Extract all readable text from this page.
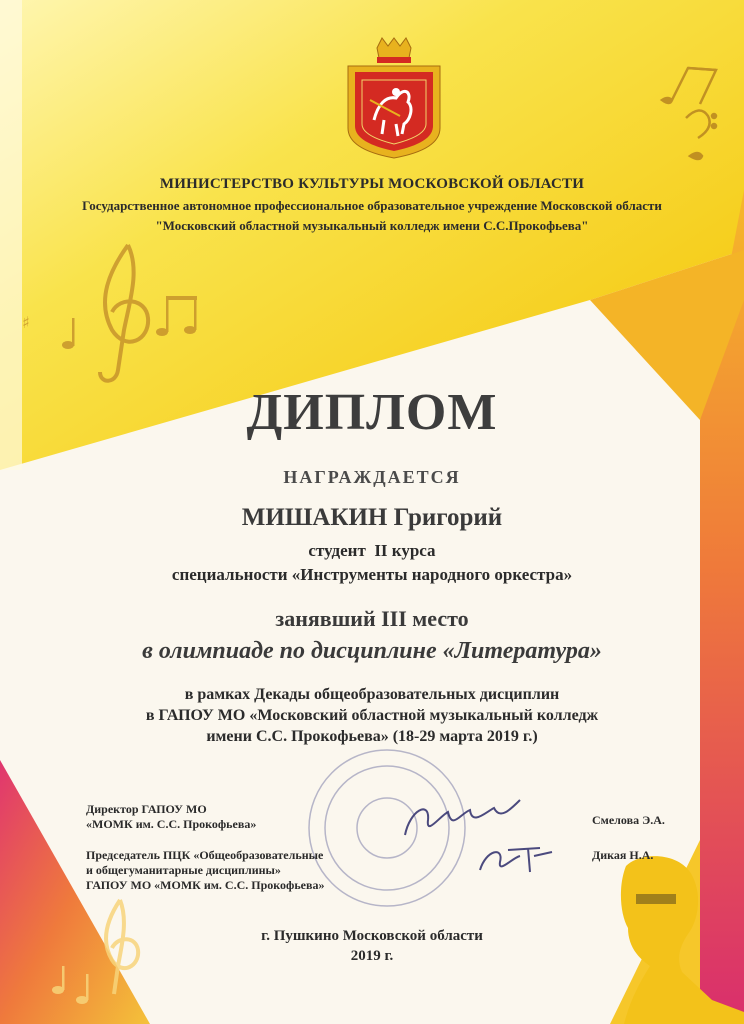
♯
МИНИСТЕРСТВО КУЛЬТУРЫ МОСКОВСКОЙ ОБЛАСТИ
Государственное автономное профессиональное образовательное учреждение Московской области
"Московский областной музыкальный колледж имени С.С.Прокофьева"
ДИПЛОМ
НАГРАЖДАЕТСЯ
МИШАКИН Григорий
студент  II курса
специальности «Инструменты народного оркестра»
занявший III место
в олимпиаде по дисциплине «Литература»
в рамках Декады общеобразовательных дисциплин
в ГАПОУ МО «Московский областной музыкальный колледж
имени С.С. Прокофьева» (18-29 марта 2019 г.)
Директор ГАПОУ МО
«МОМК им. С.С. Прокофьева»	Смелова Э.А.
Председатель ПЦК «Общеобразовательные
и общегуманитарные дисциплины»
ГАПОУ МО «МОМК им. С.С. Прокофьева»
Дикая Н.А.
г. Пушкино Московской области
2019 г.
